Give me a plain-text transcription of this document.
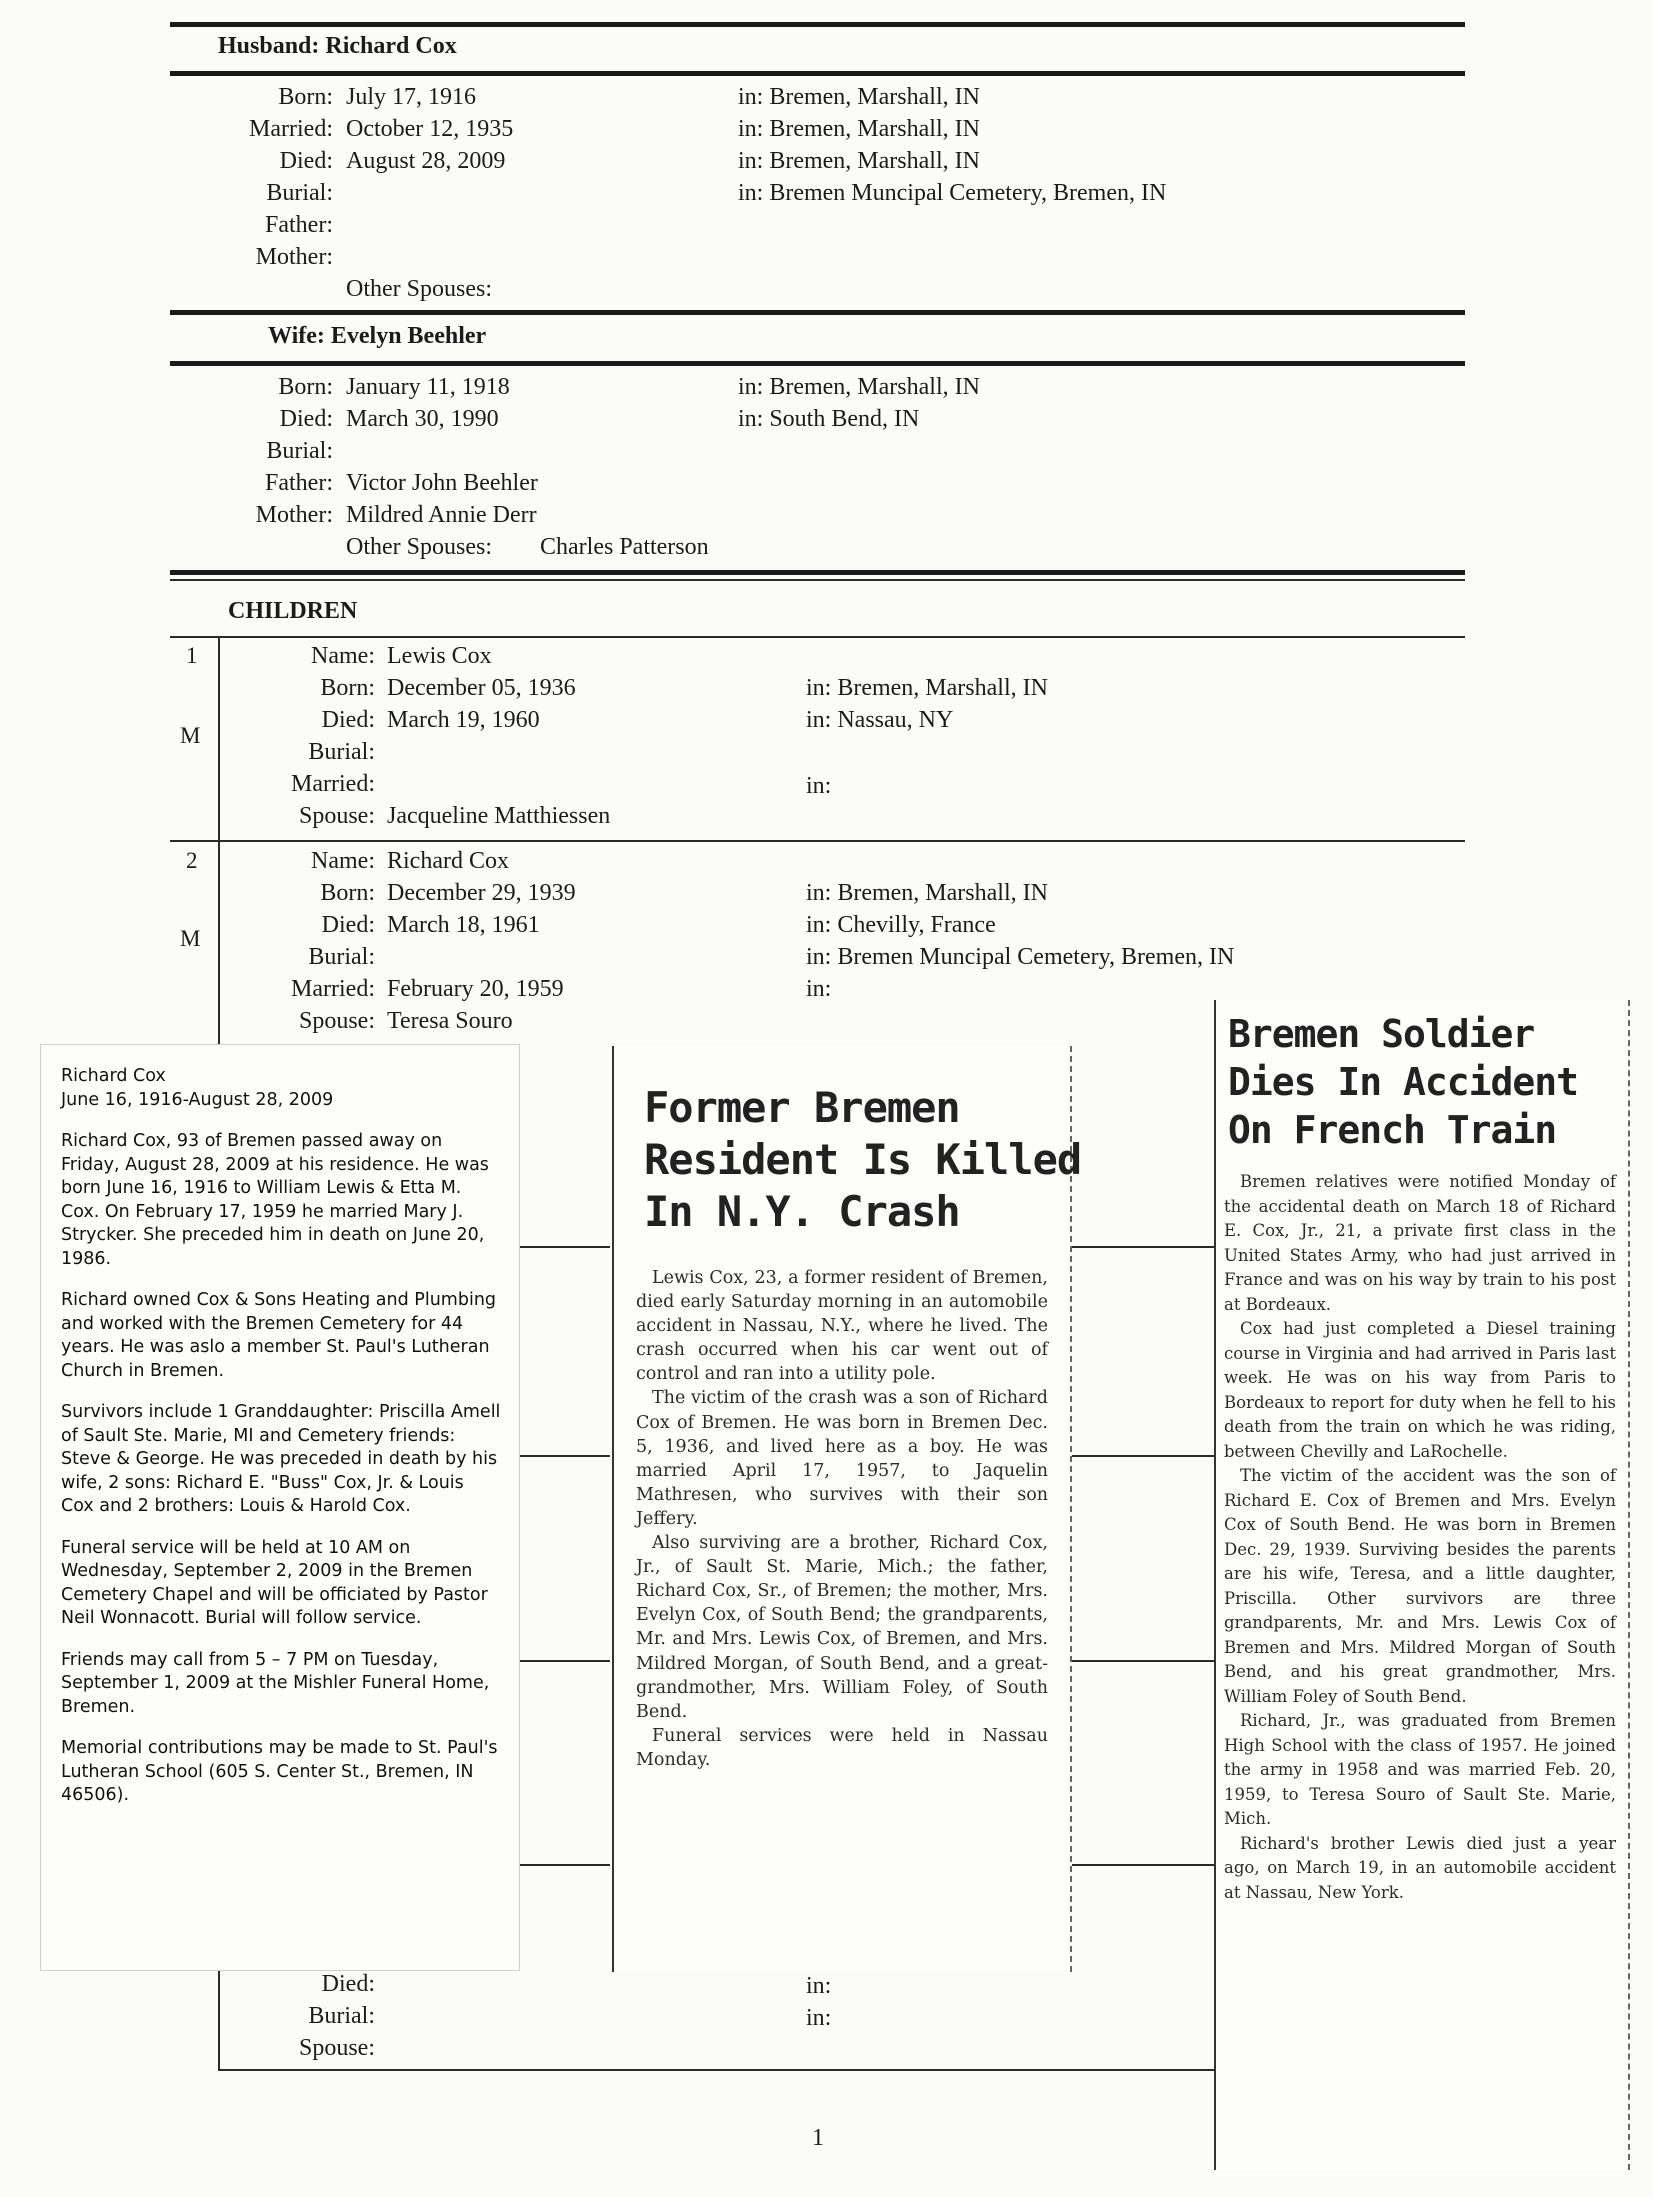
Husband: Richard Cox
Born: July 17, 1916	in: Bremen, Marshall, IN
Married: October 12, 1935	in: Bremen, Marshall, IN
Died: August 28, 2009	in: Bremen, Marshall, IN
Burial:	in: Bremen Muncipal Cemetery, Bremen, IN
Father:
Mother:
Other Spouses:
Wife: Evelyn Beehler
Born: January 11, 1918	in: Bremen, Marshall, IN
Died: March 30, 1990	in: South Bend, IN
Burial:
Father: Victor John Beehler
Mother: Mildred Annie Derr
Other Spouses: Charles Patterson
CHILDREN
1
M
Name: Lewis Cox
Born: December 05, 1936	in: Bremen, Marshall, IN
Died: March 19, 1960	in: Nassau, NY
Burial:
Married:	in:
Spouse: Jacqueline Matthiessen
2
M
Name: Richard Cox
Born: December 29, 1939	in: Bremen, Marshall, IN
Died: March 18, 1961	in: Chevilly, France
Burial:	in: Bremen Muncipal Cemetery, Bremen, IN
Married: February 20, 1959	in:
Spouse: Teresa Souro
Died:	in:
Burial:	in:
Spouse:
1
Richard Cox

June 16, 1916-August 28, 2009

Richard Cox, 93 of Bremen passed away on Friday, August 28, 2009 at his residence. He was born June 16, 1916 to William Lewis & Etta M. Cox. On February 17, 1959 he married Mary J. Strycker. She preceded him in death on June 20, 1986.

Richard owned Cox & Sons Heating and Plumbing and worked with the Bremen Cemetery for 44 years. He was aslo a member St. Paul's Lutheran Church in Bremen.

Survivors include 1 Granddaughter: Priscilla Amell of Sault Ste. Marie, MI and Cemetery friends: Steve & George. He was preceded in death by his wife, 2 sons: Richard E. "Buss" Cox, Jr. & Louis Cox and 2 brothers: Louis & Harold Cox.

Funeral service will be held at 10 AM on Wednesday, September 2, 2009 in the Bremen Cemetery Chapel and will be officiated by Pastor Neil Wonnacott. Burial will follow service.

Friends may call from 5 – 7 PM on Tuesday, September 1, 2009 at the Mishler Funeral Home, Bremen.

Memorial contributions may be made to St. Paul's Lutheran School (605 S. Center St., Bremen, IN 46506).

Former Bremen
Resident Is Killed
In N.Y. Crash

Lewis Cox, 23, a former resident of Bremen, died early Saturday morning in an automobile accident in Nassau, N.Y., where he lived. The crash occurred when his car went out of control and ran into a utility pole.

The victim of the crash was a son of Richard Cox of Bremen. He was born in Bremen Dec. 5, 1936, and lived here as a boy. He was married April 17, 1957, to Jaquelin Mathresen, who survives with their son Jeffery.

Also surviving are a brother, Richard Cox, Jr., of Sault St. Marie, Mich.; the father, Richard Cox, Sr., of Bremen; the mother, Mrs. Evelyn Cox, of South Bend; the grandparents, Mr. and Mrs. Lewis Cox, of Bremen, and Mrs. Mildred Morgan, of South Bend, and a great-grandmother, Mrs. William Foley, of South Bend.

Funeral services were held in Nassau Monday.

Bremen Soldier
Dies In Accident
On French Train

Bremen relatives were notified Monday of the accidental death on March 18 of Richard E. Cox, Jr., 21, a private first class in the United States Army, who had just arrived in France and was on his way by train to his post at Bordeaux.

Cox had just completed a Diesel training course in Virginia and had arrived in Paris last week. He was on his way from Paris to Bordeaux to report for duty when he fell to his death from the train on which he was riding, between Chevilly and LaRochelle.

The victim of the accident was the son of Richard E. Cox of Bremen and Mrs. Evelyn Cox of South Bend. He was born in Bremen Dec. 29, 1939. Surviving besides the parents are his wife, Teresa, and a little daughter, Priscilla. Other survivors are three grandparents, Mr. and Mrs. Lewis Cox of Bremen and Mrs. Mildred Morgan of South Bend, and his great grandmother, Mrs. William Foley of South Bend.

Richard, Jr., was graduated from Bremen High School with the class of 1957. He joined the army in 1958 and was married Feb. 20, 1959, to Teresa Souro of Sault Ste. Marie, Mich.

Richard's brother Lewis died just a year ago, on March 19, in an automobile accident at Nassau, New York.
